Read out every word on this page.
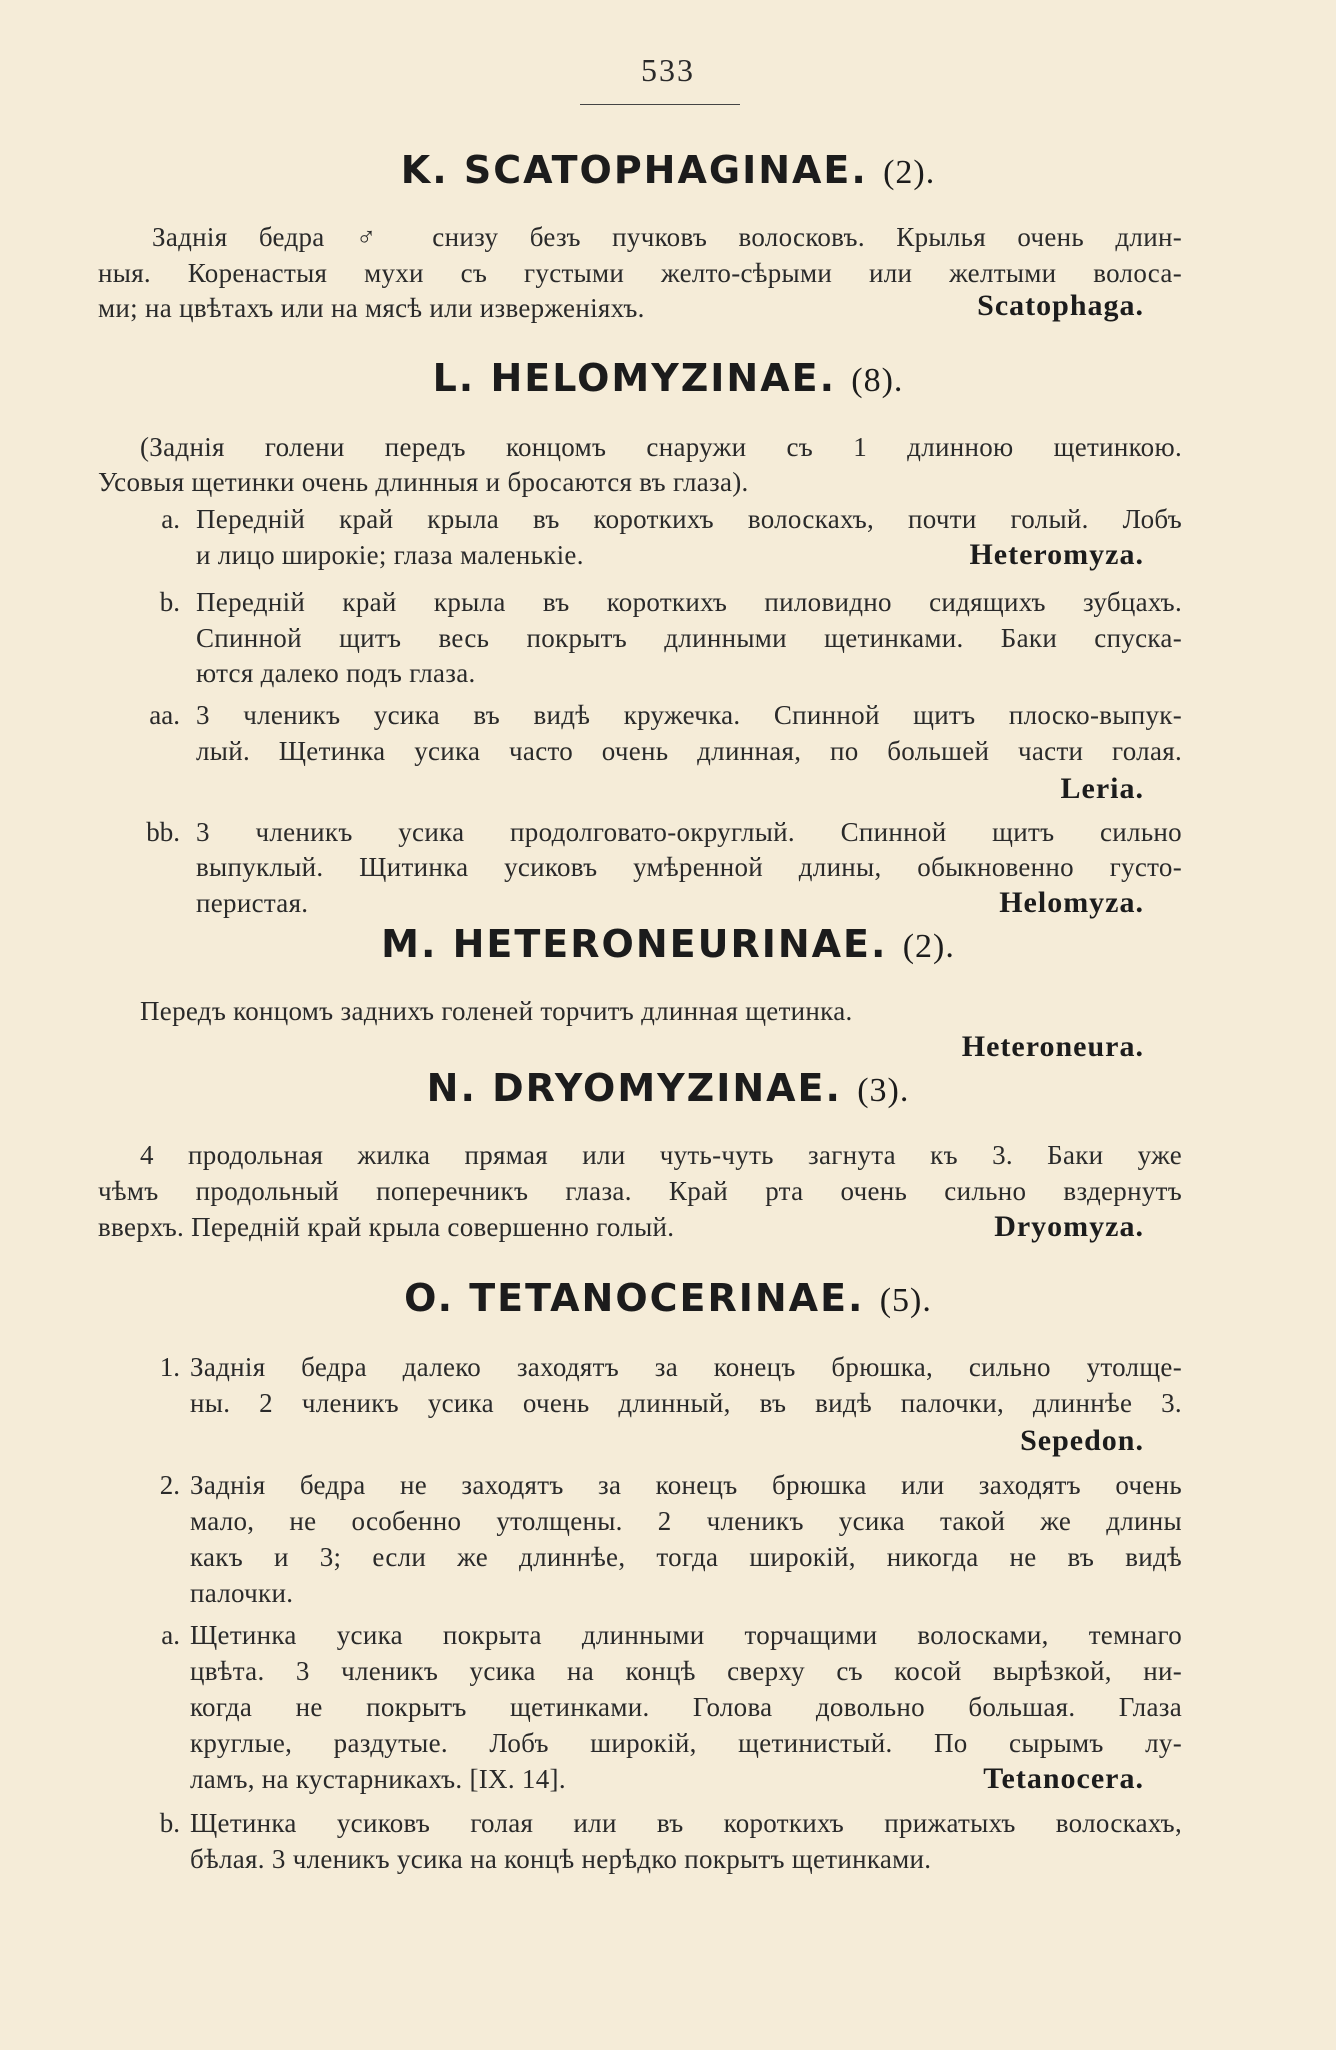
533
K. SCATOPHAGINAE. (2).
Заднія бедра ♂ снизу безъ пучковъ волосковъ. Крылья очень длин-
ныя. Коренастыя мухи съ густыми желто-сѣрыми или желтыми волоса-
ми; на цвѣтахъ или на мясѣ или изверженіяхъ.	Scatophaga.
L. HELOMYZINAE. (8).
(Заднія голени передъ концомъ снаружи съ 1 длинною щетинкою.
Усовыя щетинки очень длинныя и бросаются въ глаза).
a. Передній край крыла въ короткихъ волоскахъ, почти голый. Лобъ
и лицо широкіе; глаза маленькіе.	Heteromyza.
b. Передній край крыла въ короткихъ пиловидно сидящихъ зубцахъ.
Спинной щитъ весь покрытъ длинными щетинками. Баки спуска-
ются далеко подъ глаза.
aa. 3 членикъ усика въ видѣ кружечка. Спинной щитъ плоско-выпук-
лый. Щетинка усика часто очень длинная, по большей части голая.
Leria.
bb. 3 членикъ усика продолговато-округлый. Спинной щитъ сильно
выпуклый. Щитинка усиковъ умѣренной длины, обыкновенно густо-
перистая.	Helomyza.
M. HETERONEURINAE. (2).
Передъ концомъ заднихъ голеней торчитъ длинная щетинка.
Heteroneura.
N. DRYOMYZINAE. (3).
4 продольная жилка прямая или чуть-чуть загнута къ 3. Баки уже
чѣмъ продольный поперечникъ глаза. Край рта очень сильно вздернутъ
вверхъ. Передній край крыла совершенно голый.	Dryomyza.
O. TETANOCERINAE. (5).
1. Заднія бедра далеко заходятъ за конецъ брюшка, сильно утолще-
ны. 2 членикъ усика очень длинный, въ видѣ палочки, длиннѣе 3.
Sepedon.
2. Заднія бедра не заходятъ за конецъ брюшка или заходятъ очень
мало, не особенно утолщены. 2 членикъ усика такой же длины
какъ и 3; если же длиннѣе, тогда широкій, никогда не въ видѣ
палочки.
a. Щетинка усика покрыта длинными торчащими волосками, темнаго
цвѣта. 3 членикъ усика на концѣ сверху съ косой вырѣзкой, ни-
когда не покрытъ щетинками. Голова довольно большая. Глаза
круглые, раздутые. Лобъ широкій, щетинистый. По сырымъ лу-
ламъ, на кустарникахъ. [IX. 14].	Tetanocera.
b. Щетинка усиковъ голая или въ короткихъ прижатыхъ волоскахъ,
бѣлая. 3 членикъ усика на концѣ нерѣдко покрытъ щетинками.
